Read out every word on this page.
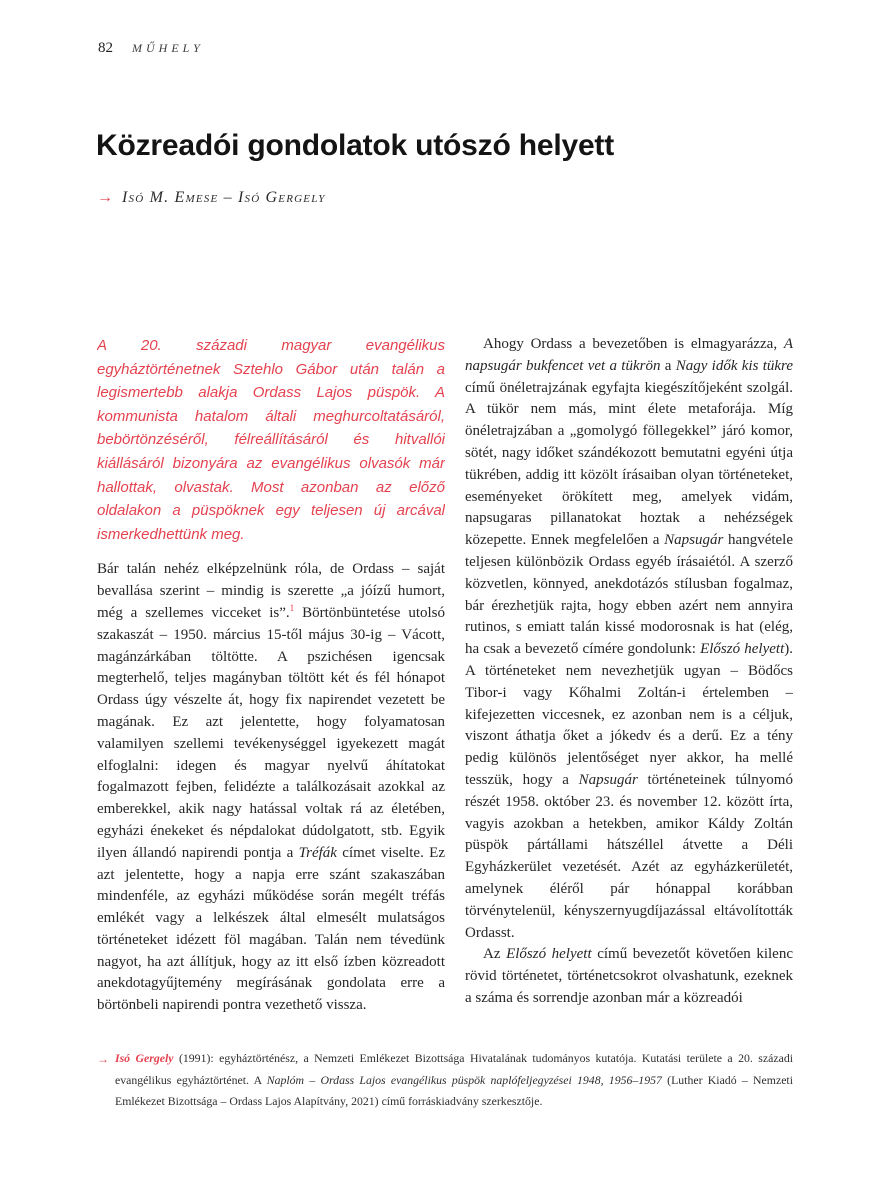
82 MŰHELY
Közreadói gondolatok utószó helyett
→ Isó M. Emese – Isó Gergely

A 20. századi magyar evangélikus egyháztörténetnek Sztehlo Gábor után talán a legismertebb alakja Ordass Lajos püspök. A kommunista hatalom általi meghurcoltatásáról, bebörtönzéséről, félreállításáról és hitvallói kiállásáról bizonyára az evangélikus olvasók már hallottak, olvastak. Most azonban az előző oldalakon a püspöknek egy teljesen új arcával ismerkedhettünk meg.

Bár talán nehéz elképzelnünk róla, de Ordass – saját bevallása szerint – mindig is szerette „a jóízű humort, még a szellemes vicceket is”.$^1$ Börtönbüntetése utolsó szakaszát – 1950. március 15-től május 30-ig – Vácott, magánzárkában töltötte. A pszichésen igencsak megterhelő, teljes magányban töltött két és fél hónapot Ordass úgy vészelte át, hogy fix napirendet vezetett be magának. Ez azt jelentette, hogy folyamatosan valamilyen szellemi tevékenységgel igyekezett magát elfoglalni: idegen és magyar nyelvű áhítatokat fogalmazott fejben, felidézte a találkozásait azokkal az emberekkel, akik nagy hatással voltak rá az életében, egyházi énekeket és népdalokat dúdolgatott, stb. Egyik ilyen állandó napirendi pontja a Tréfák címet viselte. Ez azt jelentette, hogy a napja erre szánt szakaszában mindenféle, az egyházi működése során megélt tréfás emlékét vagy a lelkészek által elmesélt mulatságos történeteket idézett föl magában. Talán nem tévedünk nagyot, ha azt állítjuk, hogy az itt első ízben közreadott anekdotagyűjtemény megírásának gondolata erre a börtönbeli napirendi pontra vezethető vissza.

Ahogy Ordass a bevezetőben is elmagyarázza, A napsugár bukfencet vet a tükrön a Nagy idők kis tükre című önéletrajzának egyfajta kiegészítőjeként szolgál. A tükör nem más, mint élete metaforája. Míg önéletrajzában a „gomolygó föllegekkel” járó komor, sötét, nagy időket szándékozott bemutatni egyéni útja tükrében, addig itt közölt írásaiban olyan történeteket, eseményeket örökített meg, amelyek vidám, napsugaras pillanatokat hoztak a nehézségek közepette. Ennek megfelelően a Napsugár hangvétele teljesen különbözik Ordass egyéb írásaiétól. A szerző közvetlen, könnyed, anekdotázós stílusban fogalmaz, bár érezhetjük rajta, hogy ebben azért nem annyira rutinos, s emiatt talán kissé modorosnak is hat (elég, ha csak a bevezető címére gondolunk: Előszó helyett). A történeteket nem nevezhetjük ugyan – Bödőcs Tibor-i vagy Kőhalmi Zoltán-i értelemben – kifejezetten viccesnek, ez azonban nem is a céljuk, viszont áthatja őket a jókedv és a derű. Ez a tény pedig különös jelentőséget nyer akkor, ha mellé tesszük, hogy a Napsugár történeteinek túlnyomó részét 1958. október 23. és november 12. között írta, vagyis azokban a hetekben, amikor Káldy Zoltán püspök pártállami hátszéllel átvette a Déli Egyházkerület vezetését. Azét az egyházkerületét, amelynek éléről pár hónappal korábban törvénytelenül, kényszernyugdíjazással eltávolították Ordasst.

Az Előszó helyett című bevezetőt követően kilenc rövid történetet, történetcsokrot olvashatunk, ezeknek a száma és sorrendje azonban már a közreadói

→ Isó Gergely (1991): egyháztörténész, a Nemzeti Emlékezet Bizottsága Hivatalának tudományos kutatója. Kutatási területe a 20. századi evangélikus egyháztörténet. A Naplóm – Ordass Lajos evangélikus püspök naplófeljegyzései 1948, 1956–1957 (Luther Kiadó – Nemzeti Emlékezet Bizottsága – Ordass Lajos Alapítvány, 2021) című forráskiadvány szerkesztője.
